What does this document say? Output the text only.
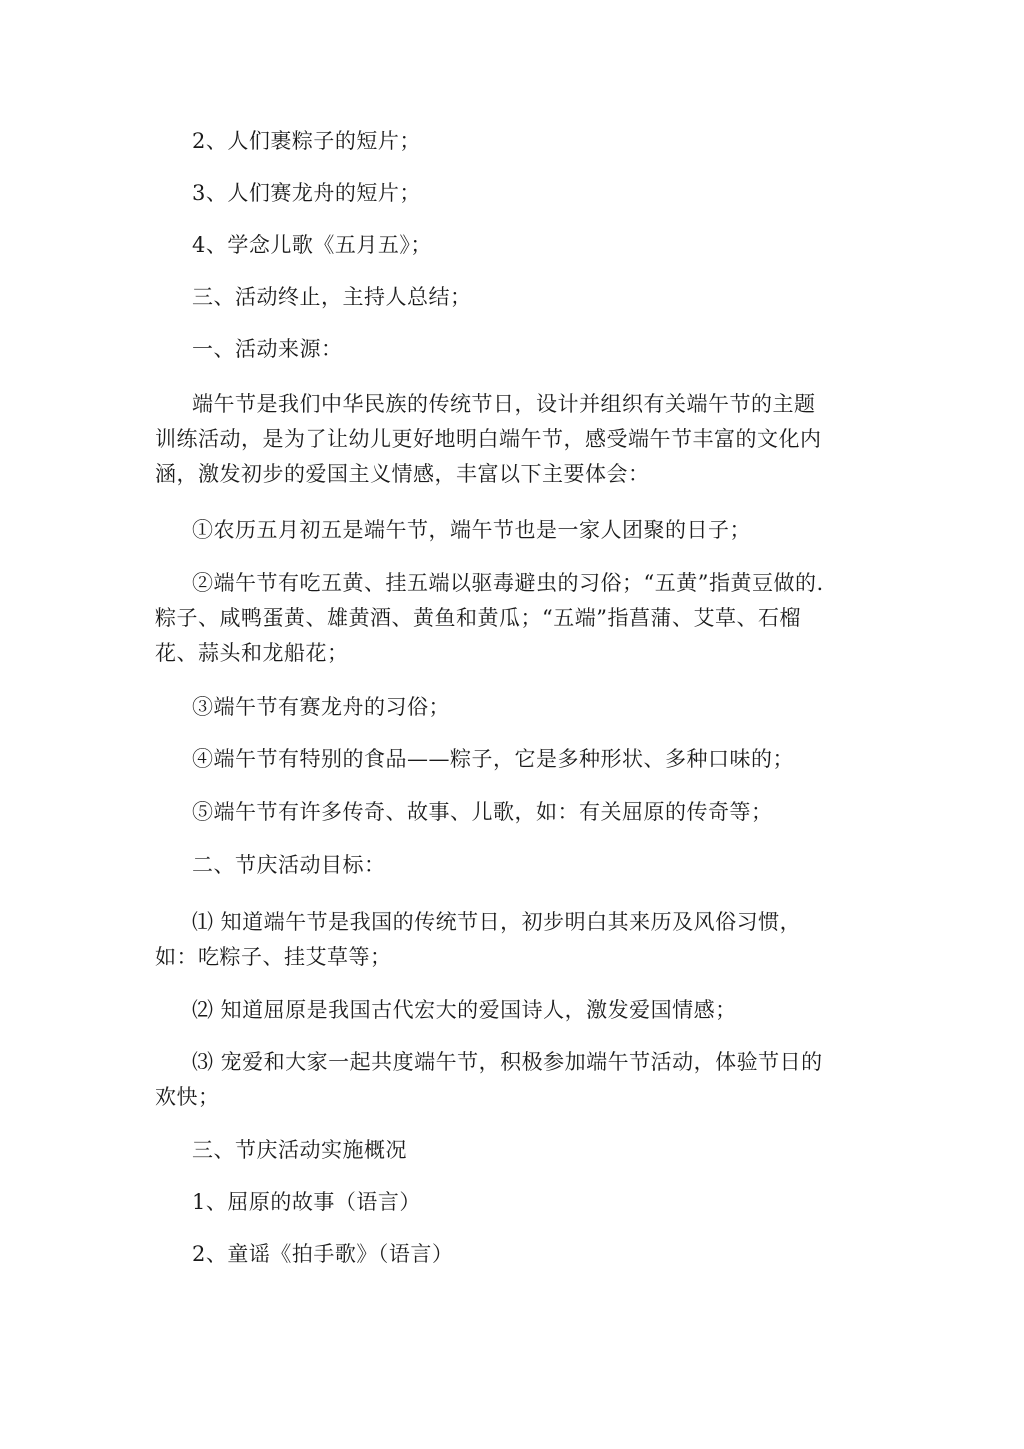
2、人们裹粽子的短片；

3、人们赛龙舟的短片；

4、学念儿歌《五月五》；

三、活动终止，主持人总结；

一、活动来源：

端午节是我们中华民族的传统节日，设计并组织有关端午节的主题训练活动，是为了让幼儿更好地明白端午节，感受端午节丰富的文化内涵，激发初步的爱国主义情感，丰富以下主要体会：

①农历五月初五是端午节，端午节也是一家人团聚的日子；

②端午节有吃五黄、挂五端以驱毒避虫的习俗；“五黄”指黄豆做的.粽子、咸鸭蛋黄、雄黄酒、黄鱼和黄瓜；“五端”指菖蒲、艾草、石榴花、蒜头和龙船花；

③端午节有赛龙舟的习俗；

④端午节有特别的食品——粽子，它是多种形状、多种口味的；

⑤端午节有许多传奇、故事、儿歌，如：有关屈原的传奇等；

二、节庆活动目标：

⑴ 知道端午节是我国的传统节日，初步明白其来历及风俗习惯，如：吃粽子、挂艾草等；

⑵ 知道屈原是我国古代宏大的爱国诗人，激发爱国情感；

⑶ 宠爱和大家一起共度端午节，积极参加端午节活动，体验节日的欢快；

三、节庆活动实施概况

1、屈原的故事（语言）

2、童谣《拍手歌》（语言）
